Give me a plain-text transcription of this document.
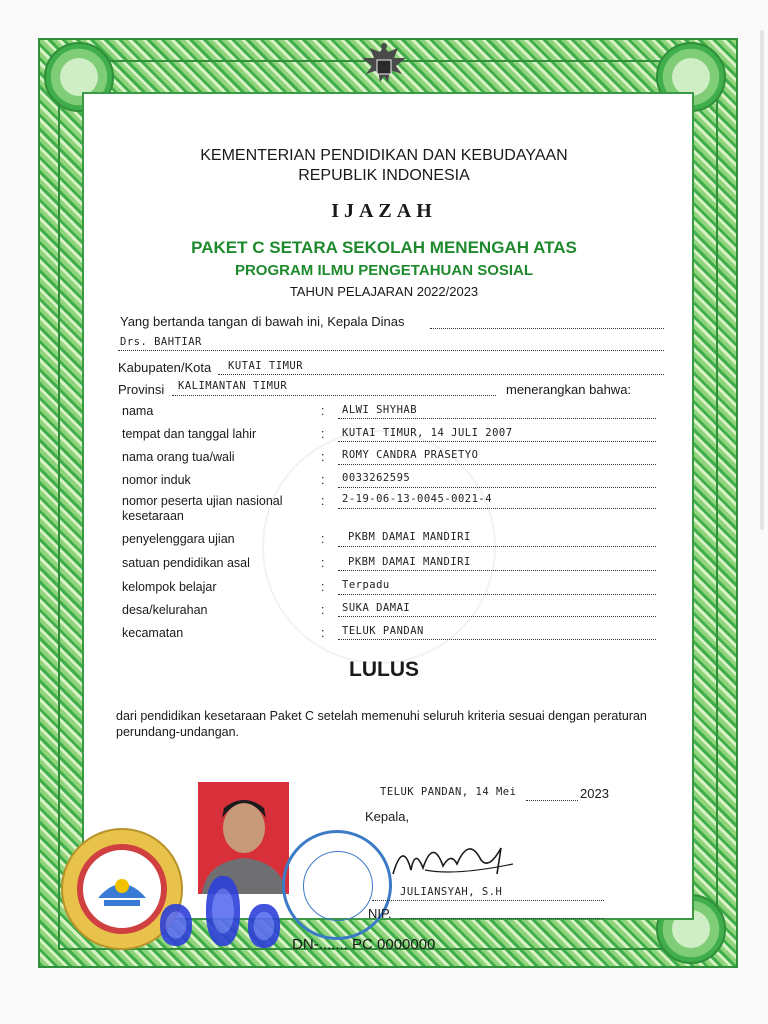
KEMENTERIAN PENDIDIKAN DAN KEBUDAYAAN
REPUBLIK INDONESIA
IJAZAH
PAKET C SETARA SEKOLAH MENENGAH ATAS
PROGRAM ILMU PENGETAHUAN SOSIAL
TAHUN PELAJARAN 2022/2023
Yang bertanda tangan di bawah ini, Kepala Dinas
Drs. BAHTIAR
Kabupaten/Kota KUTAI TIMUR
Provinsi KALIMANTAN TIMUR	menerangkan bahwa:
nama	: ALWI SHYHAB
tempat dan tanggal lahir	: KUTAI TIMUR, 14 JULI 2007
nama orang tua/wali	: ROMY CANDRA PRASETYO
nomor induk	: 0033262595
nomor peserta ujian nasional
kesetaraan
: 2-19-06-13-0045-0021-4
penyelenggara ujian	: PKBM DAMAI MANDIRI
satuan pendidikan asal	: PKBM DAMAI MANDIRI
kelompok belajar	: Terpadu
desa/kelurahan	: SUKA DAMAI
kecamatan	: TELUK PANDAN
LULUS
dari pendidikan kesetaraan Paket C setelah memenuhi seluruh kriteria sesuai dengan peraturan perundang-undangan.
TELUK PANDAN, 14 Mei	2023
Kepala,
JULIANSYAH, S.H
NIP.
DN-....... PC 0000000
